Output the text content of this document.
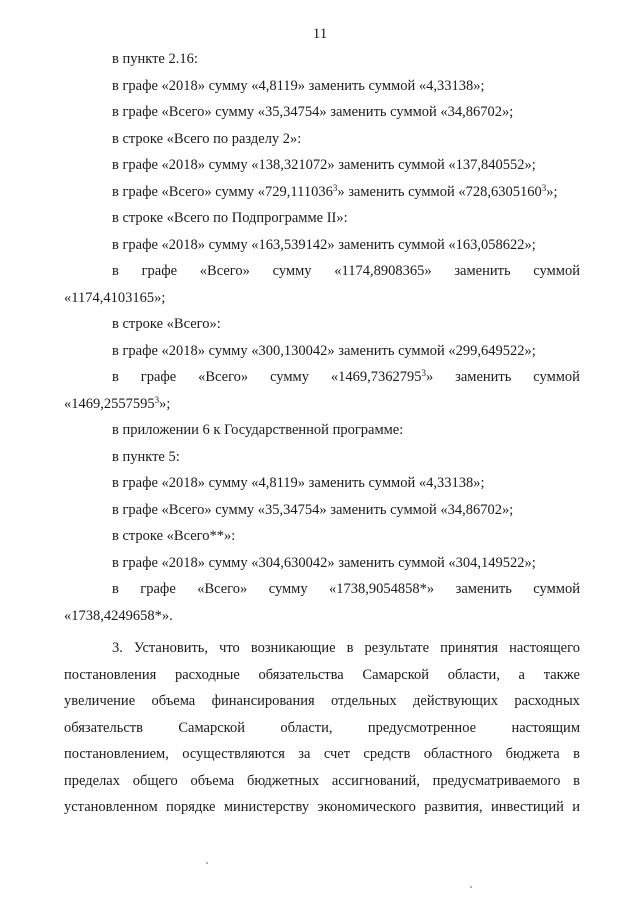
11
в пункте 2.16:
в графе «2018» сумму «4,8119» заменить суммой «4,33138»;
в графе «Всего» сумму «35,34754» заменить суммой «34,86702»;
в строке «Всего по разделу 2»:
в графе «2018» сумму «138,321072» заменить суммой «137,840552»;
в графе «Всего» сумму «729,111036$^3$» заменить суммой «728,6305160$^3$»;
в строке «Всего по Подпрограмме II»:
в графе «2018» сумму «163,539142» заменить суммой «163,058622»;
в графе «Всего» сумму «1174,8908365» заменить суммой
«1174,4103165»;
в строке «Всего»:
в графе «2018» сумму «300,130042» заменить суммой «299,649522»;
в графе «Всего» сумму «1469,7362795$^3$» заменить суммой
«1469,2557595$^3$»;
в приложении 6 к Государственной программе:
в пункте 5:
в графе «2018» сумму «4,8119» заменить суммой «4,33138»;
в графе «Всего» сумму «35,34754» заменить суммой «34,86702»;
в строке «Всего**»:
в графе «2018» сумму «304,630042» заменить суммой «304,149522»;
в графе «Всего» сумму «1738,9054858*» заменить суммой
«1738,4249658*».
3. Установить, что возникающие в результате принятия настоящего
постановления расходные обязательства Самарской области, а также
увеличение объема финансирования отдельных действующих расходных
обязательств Самарской области, предусмотренное настоящим
постановлением, осуществляются за счет средств областного бюджета в
пределах общего объема бюджетных ассигнований, предусматриваемого в
установленном порядке министерству экономического развития, инвестиций и
